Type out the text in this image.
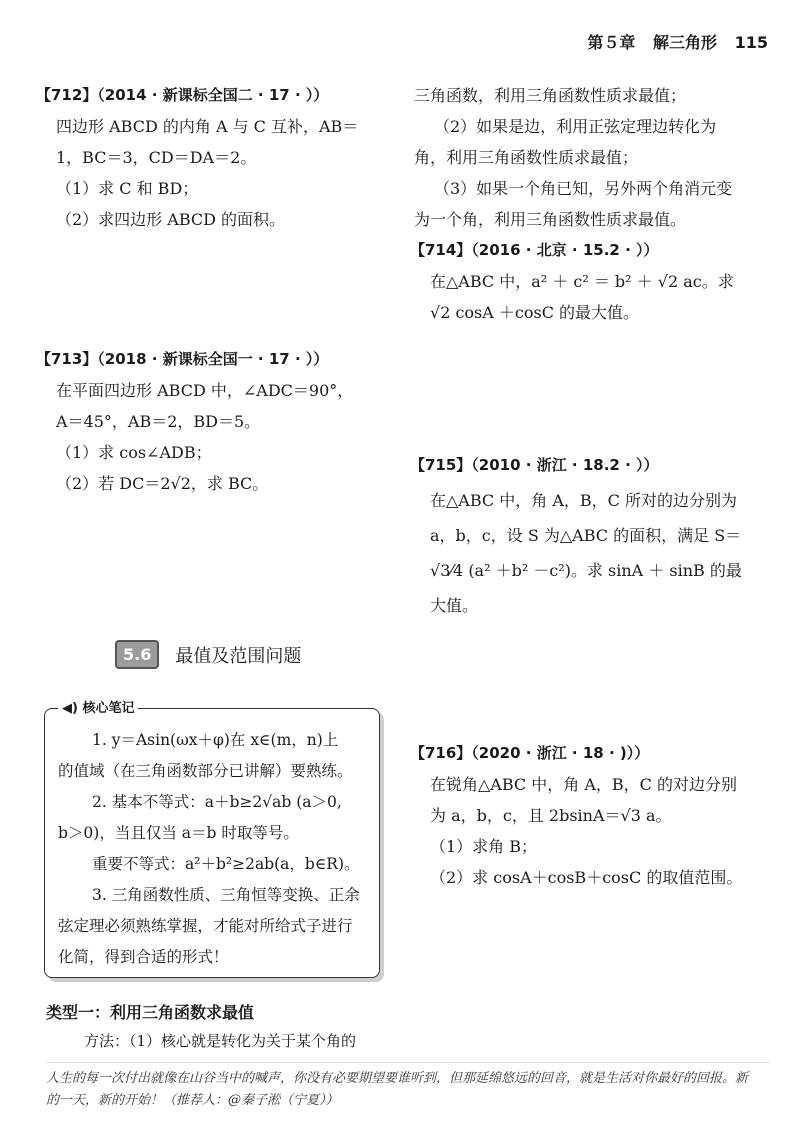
第５章 解三角形 115
【712】（2014 · 新课标全国二 · 17 · ））
四边形 ABCD 的内角 A 与 C 互补，AB＝
1，BC＝3，CD＝DA＝2。
（1）求 C 和 BD；
（2）求四边形 ABCD 的面积。
【713】（2018 · 新课标全国一 · 17 · ））
在平面四边形 ABCD 中，∠ADC＝90°，
A＝45°，AB＝2，BD＝5。
（1）求 cos∠ADB；
（2）若 DC＝2√2，求 BC。
三角函数，利用三角函数性质求最值；
（2）如果是边，利用正弦定理边转化为
角，利用三角函数性质求最值；
（3）如果一个角已知，另外两个角消元变
为一个角，利用三角函数性质求最值。
【714】（2016 · 北京 · 15.2 · ））
在△ABC 中，a² ＋ c² ＝ b² ＋ √2 ac。求
√2 cosA ＋cosC 的最大值。
【715】（2010 · 浙江 · 18.2 · ））
在△ABC 中，角 A，B，C 所对的边分别为
a，b，c，设 S 为△ABC 的面积，满足 S＝
√3⁄4 (a² ＋b² －c²)。求 sinA ＋ sinB 的最
大值。
5.6	最值及范围问题
◀) 核心笔记
1. y＝Asin(ωx＋φ)在 x∈(m，n)上
的值域（在三角函数部分已讲解）要熟练。
2. 基本不等式：a＋b≥2√ab (a＞0,
b＞0)，当且仅当 a＝b 时取等号。
重要不等式：a²＋b²≥2ab(a，b∈R)。
3. 三角函数性质、三角恒等变换、正余
弦定理必须熟练掌握，才能对所给式子进行
化简，得到合适的形式！
【716】（2020 · 浙江 · 18 · )））
在锐角△ABC 中，角 A，B，C 的对边分别
为 a，b，c，且 2bsinA＝√3 a。
（1）求角 B；
（2）求 cosA＋cosB＋cosC 的取值范围。
类型一：利用三角函数求最值
方法：（1）核心就是转化为关于某个角的
人生的每一次付出就像在山谷当中的喊声，你没有必要期望要谁听到，但那延绵悠远的回音，就是生活对你最好的回报。新
的一天，新的开始！（推荐人：@秦子淞（宁夏））
